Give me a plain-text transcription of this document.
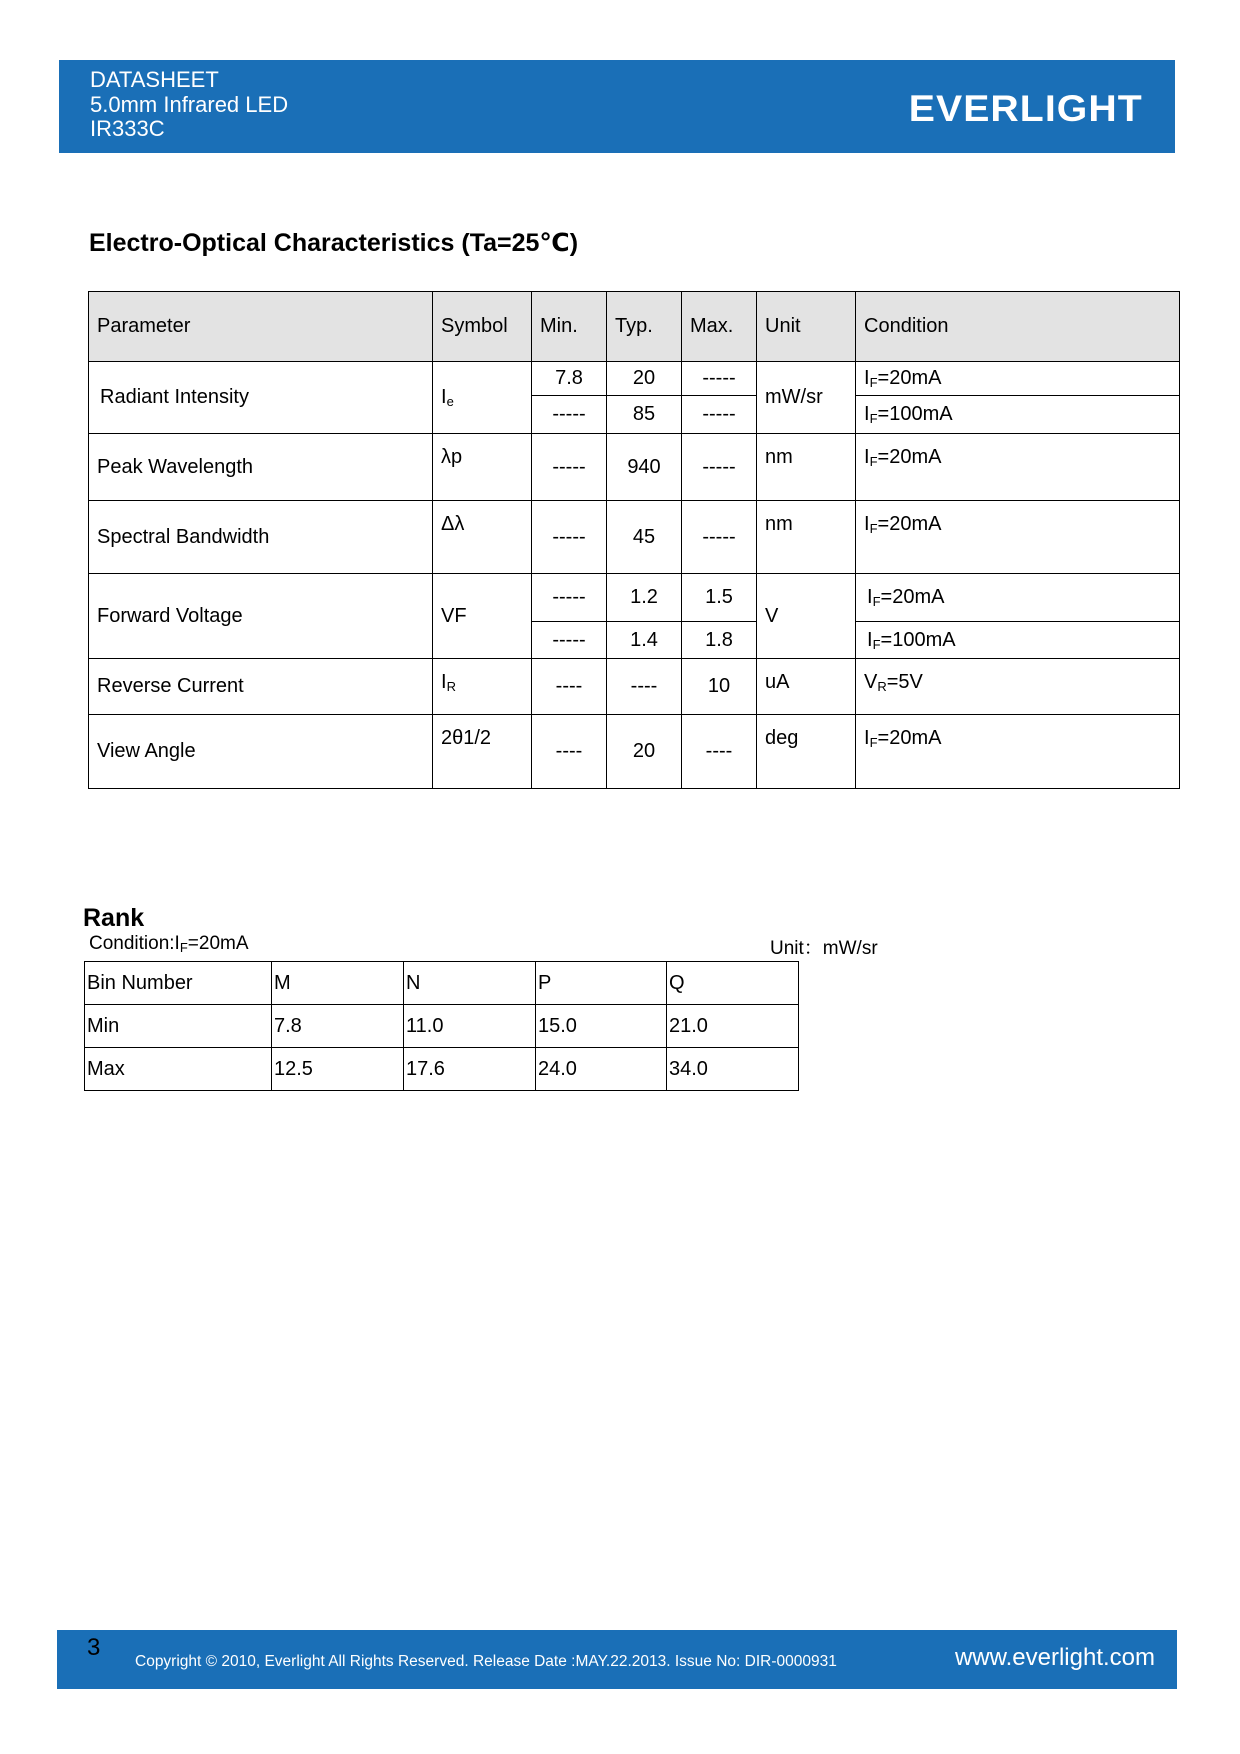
DATASHEET
5.0mm Infrared LED
IR333C	EVERLIGHT
Electro-Optical Characteristics (Ta=25℃)
Parameter	Symbol	Min.	Typ.	Max.	Unit	Condition
Radiant Intensity	$I_e$	7.8	20	-----	mW/sr	$I_F=20mA$
		-----	85	-----		$I_F=100mA$
Peak Wavelength	λp	-----	940	-----	nm	$I_F=20mA$
Spectral Bandwidth	Δλ	-----	45	-----	nm	$I_F=20mA$
Forward Voltage	VF	-----	1.2	1.5	V	$I_F=20mA$
		-----	1.4	1.8		$I_F=100mA$
Reverse Current	$I_R$	----	----	10	uA	$V_R=5V$
View Angle	2θ1/2	----	20	----	deg	$I_F=20mA$
Rank
$Condition:I_F=20mA$	Unit：mW/sr
Bin Number	M	N	P	Q
Min	7.8	11.0	15.0	21.0
Max	12.5	17.6	24.0	34.0
3
Copyright © 2010, Everlight All Rights Reserved. Release Date :MAY.22.2013. Issue No: DIR-0000931	www.everlight.com
